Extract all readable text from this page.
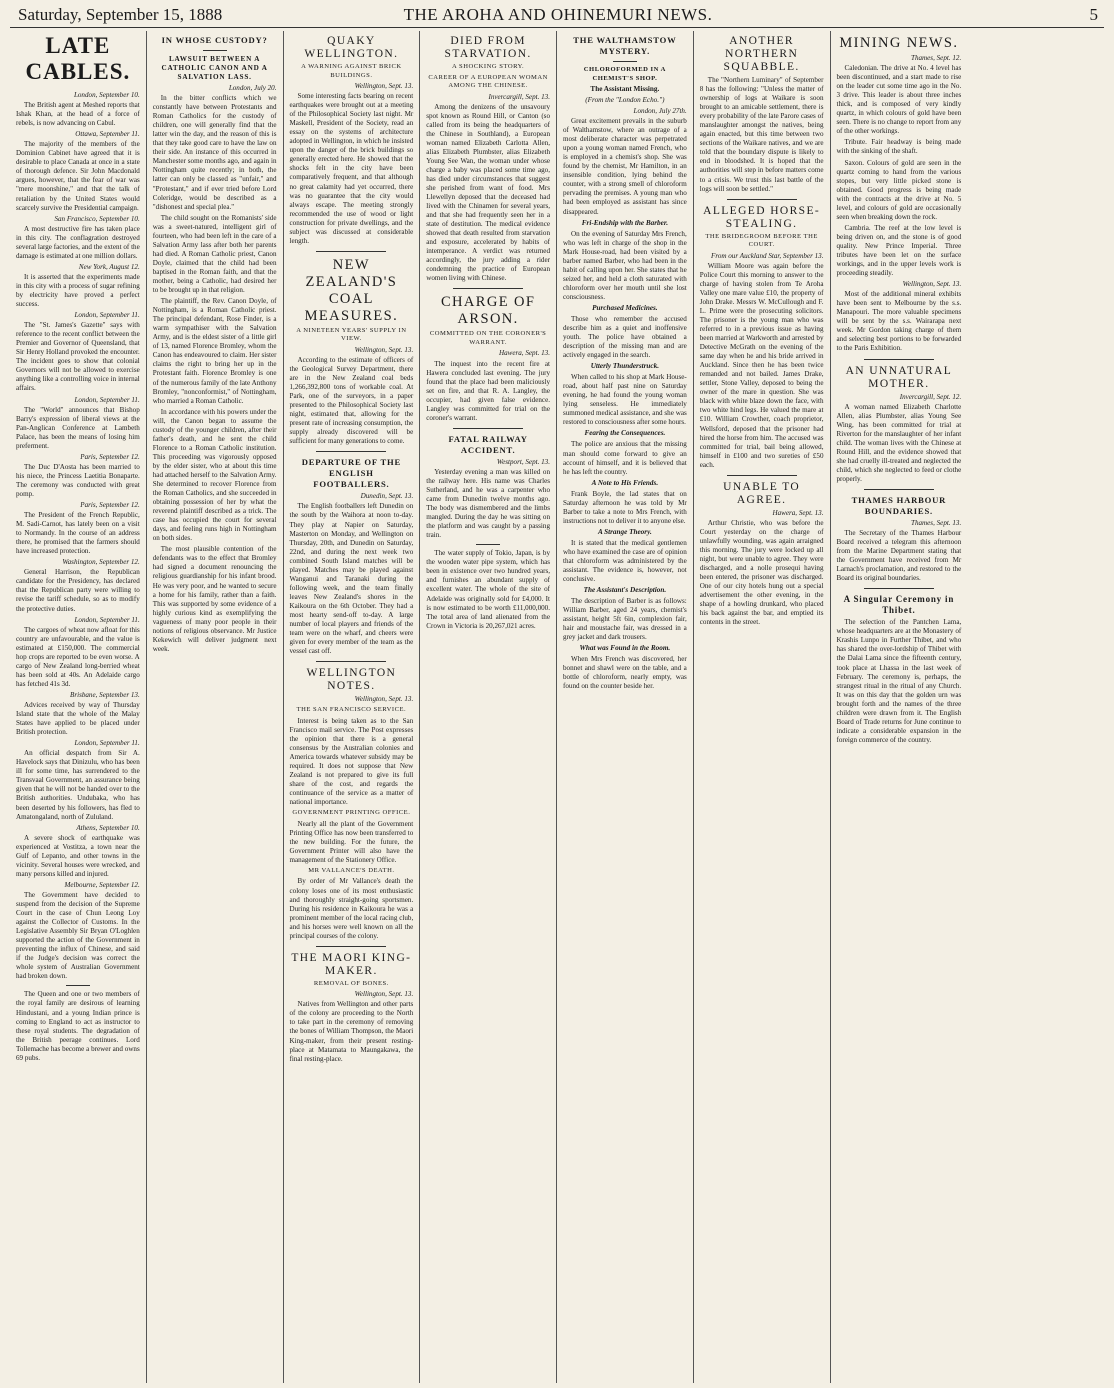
THE AROHA AND OHINEMURI NEWS.
Saturday, September 15, 1888	5
LATE CABLES.
London, September 10.

The British agent at Meshed reports that Ishak Khan, at the head of a force of rebels, is now advancing on Cabul.

Ottawa, September 11.

The majority of the members of the Dominion Cabinet have agreed that it is desirable to place Canada at once in a state of thorough defence. Sir John Macdonald argues, however, that the fear of war was "mere moonshine," and that the talk of retaliation by the United States would scarcely survive the Presidential campaign.

San Francisco, September 10.

A most destructive fire has taken place in this city. The conflagration destroyed several large factories, and the extent of the damage is estimated at one million dollars.

New York, August 12.

It is asserted that the experiments made in this city with a process of sugar refining by electricity have proved a perfect success.

London, September 11.

The "St. James's Gazette" says with reference to the recent conflict between the Premier and Governor of Queensland, that Sir Henry Holland provoked the encounter. The incident goes to show that colonial Governors will not be allowed to exercise anything like a controlling voice in internal affairs.

London, September 11.

The "World" announces that Bishop Barry's expression of liberal views at the Pan-Anglican Conference at Lambeth Palace, has been the means of losing him preferment.

Paris, September 12.

The Duc D'Aosta has been married to his niece, the Princess Laetitia Bonaparte. The ceremony was conducted with great pomp.

Paris, September 12.

The President of the French Republic, M. Sadi-Carnot, has lately been on a visit to Normandy. In the course of an address there, he promised that the farmers should have increased protection.

Washington, September 12.

General Harrison, the Republican candidate for the Presidency, has declared that the Republican party were willing to revise the tariff schedule, so as to modify the protective duties.

London, September 11.

The cargoes of wheat now afloat for this country are unfavourable, and the value is estimated at £150,000. The commercial hop crops are reported to be even worse. A cargo of New Zealand long-berried wheat has been sold at 40s. An Adelaide cargo has fetched 41s 3d.

Brisbane, September 13.

Advices received by way of Thursday Island state that the whole of the Malay States have applied to be placed under British protection.

London, September 11.

An official despatch from Sir A. Havelock says that Dinizulu, who has been ill for some time, has surrendered to the Transvaal Government, an assurance being given that he will not be handed over to the British authorities. Undubaka, who has been deserted by his followers, has fled to Amatongaland, north of Zululand.

Athens, September 10.

A severe shock of earthquake was experienced at Vostitza, a town near the Gulf of Lepanto, and other towns in the vicinity. Several houses were wrecked, and many persons killed and injured.

Melbourne, September 12.

The Government have decided to suspend from the decision of the Supreme Court in the case of Chun Leong Loy against the Collector of Customs. In the Legislative Assembly Sir Bryan O'Loghlen supported the action of the Government in preventing the influx of Chinese, and said if the Judge's decision was correct the whole system of Australian Government had broken down.

The Queen and one or two members of the royal family are desirous of learning Hindustani, and a young Indian prince is coming to England to act as instructor to these royal students. The degradation of the British peerage continues. Lord Tollemache has become a brewer and owns 69 pubs.

IN WHOSE CUSTODY?
LAWSUIT BETWEEN A CATHOLIC CANON AND A SALVATION LASS.
London, July 20.

In the bitter conflicts which we constantly have between Protestants and Roman Catholics for the custody of children, one will generally find that the latter win the day, and the reason of this is that they take good care to have the law on their side. An instance of this occurred in Manchester some months ago, and again in Nottingham quite recently; in both, the latter can only be classed as "unfair," and "Protestant," and if ever tried before Lord Coleridge, would be described as a "dishonest and special plea."

The child sought on the Romanists' side was a sweet-natured, intelligent girl of fourteen, who had been left in the care of a Salvation Army lass after both her parents had died. A Roman Catholic priest, Canon Doyle, claimed that the child had been baptised in the Roman faith, and that the mother, being a Catholic, had desired her to be brought up in that religion.

The plaintiff, the Rev. Canon Doyle, of Nottingham, is a Roman Catholic priest. The principal defendant, Rose Finder, is a warm sympathiser with the Salvation Army, and is the eldest sister of a little girl of 13, named Florence Bromley, whom the Canon has endeavoured to claim. Her sister claims the right to bring her up in the Protestant faith. Florence Bromley is one of the numerous family of the late Anthony Bromley, "nonconformist," of Nottingham, who married a Roman Catholic.

In accordance with his powers under the will, the Canon began to assume the custody of the younger children, after their father's death, and he sent the child Florence to a Roman Catholic institution. This proceeding was vigorously opposed by the elder sister, who at about this time had attached herself to the Salvation Army. She determined to recover Florence from the Roman Catholics, and she succeeded in obtaining possession of her by what the reverend plaintiff described as a trick. The case has occupied the court for several days, and feeling runs high in Nottingham on both sides.

The most plausible contention of the defendants was to the effect that Bromley had signed a document renouncing the religious guardianship for his infant brood. He was very poor, and he wanted to secure a home for his family, rather than a faith. This was supported by some evidence of a highly curious kind as exemplifying the vagueness of many poor people in their notions of religious observance. Mr Justice Kekewich will deliver judgment next week.

QUAKY WELLINGTON.
A WARNING AGAINST BRICK BUILDINGS.
Wellington, Sept. 13.

Some interesting facts bearing on recent earthquakes were brought out at a meeting of the Philosophical Society last night. Mr Maskell, President of the Society, read an essay on the systems of architecture adopted in Wellington, in which he insisted upon the danger of the brick buildings so generally erected here. He showed that the shocks felt in the city have been comparatively frequent, and that although no great calamity had yet occurred, there was no guarantee that the city would always escape. The meeting strongly recommended the use of wood or light construction for private dwellings, and the subject was discussed at considerable length.

NEW ZEALAND'S COAL MEASURES.
A NINETEEN YEARS' SUPPLY IN VIEW.
Wellington, Sept. 13.

According to the estimate of officers of the Geological Survey Department, there are in the New Zealand coal beds 1,266,392,800 tons of workable coal. At Park, one of the surveyors, in a paper presented to the Philosophical Society last night, estimated that, allowing for the present rate of increasing consumption, the supply already discovered will be sufficient for many generations to come.

DEPARTURE OF THE ENGLISH FOOTBALLERS.
Dunedin, Sept. 13.

The English footballers left Dunedin on the south by the Waihora at noon to-day. They play at Napier on Saturday, Masterton on Monday, and Wellington on Thursday, 20th, and Dunedin on Saturday, 22nd, and during the next week two combined South Island matches will be played. Matches may be played against Wanganui and Taranaki during the following week, and the team finally leaves New Zealand's shores in the Kaikoura on the 6th October. They had a most hearty send-off to-day. A large number of local players and friends of the team were on the wharf, and cheers were given for every member of the team as the vessel cast off.

WELLINGTON NOTES.
Wellington, Sept. 13.
THE SAN FRANCISCO SERVICE.

Interest is being taken as to the San Francisco mail service. The Post expresses the opinion that there is a general consensus by the Australian colonies and America towards whatever subsidy may be required. It does not suppose that New Zealand is not prepared to give its full share of the cost, and regards the continuance of the service as a matter of national importance.

GOVERNMENT PRINTING OFFICE.

Nearly all the plant of the Government Printing Office has now been transferred to the new building. For the future, the Government Printer will also have the management of the Stationery Office.

MR VALLANCE'S DEATH.

By order of Mr Vallance's death the colony loses one of its most enthusiastic and thoroughly straight-going sportsmen. During his residence in Kaikoura he was a prominent member of the local racing club, and his horses were well known on all the principal courses of the colony.

THE MAORI KING-MAKER.
REMOVAL OF BONES.
Wellington, Sept. 13.

Natives from Wellington and other parts of the colony are proceeding to the North to take part in the ceremony of removing the bones of William Thompson, the Maori King-maker, from their present resting-place at Matamata to Maungakawa, the final resting-place.

DIED FROM STARVATION.
A SHOCKING STORY.
CAREER OF A EUROPEAN WOMAN AMONG THE CHINESE.
Invercargill, Sept. 13.

Among the denizens of the unsavoury spot known as Round Hill, or Canton (so called from its being the headquarters of the Chinese in Southland), a European woman named Elizabeth Carlotta Allen, alias Elizabeth Plumbster, alias Elizabeth Young See Wan, the woman under whose charge a baby was placed some time ago, has died under circumstances that suggest she perished from want of food. Mrs Llewellyn deposed that the deceased had lived with the Chinamen for several years, and that she had frequently seen her in a state of destitution. The medical evidence showed that death resulted from starvation and exposure, accelerated by habits of intemperance. A verdict was returned accordingly, the jury adding a rider condemning the practice of European women living with Chinese.

CHARGE OF ARSON.
COMMITTED ON THE CORONER'S WARRANT.
Hawera, Sept. 13.

The inquest into the recent fire at Hawera concluded last evening. The jury found that the place had been maliciously set on fire, and that R. A. Langley, the occupier, had given false evidence. Langley was committed for trial on the coroner's warrant.

FATAL RAILWAY ACCIDENT.
Westport, Sept. 13.

Yesterday evening a man was killed on the railway here. His name was Charles Sutherland, and he was a carpenter who came from Dunedin twelve months ago. The body was dismembered and the limbs mangled. During the day he was sitting on the platform and was caught by a passing train.

The water supply of Tokio, Japan, is by the wooden water pipe system, which has been in existence over two hundred years, and furnishes an abundant supply of excellent water. The whole of the site of Adelaide was originally sold for £4,000. It is now estimated to be worth £11,000,000. The total area of land alienated from the Crown in Victoria is 20,267,021 acres.

THE WALTHAMSTOW MYSTERY.
CHLOROFORMED IN A CHEMIST'S SHOP.
The Assistant Missing.
(From the "London Echo.")
London, July 27th.

Great excitement prevails in the suburb of Walthamstow, where an outrage of a most deliberate character was perpetrated upon a young woman named French, who is employed in a chemist's shop. She was found by the chemist, Mr Hamilton, in an insensible condition, lying behind the counter, with a strong smell of chloroform pervading the premises. A young man who had been employed as assistant has since disappeared.

Fri-Endship with the Barber.

On the evening of Saturday Mrs French, who was left in charge of the shop in the Mark House-road, had been visited by a barber named Barber, who had been in the habit of calling upon her. She states that he seized her, and held a cloth saturated with chloroform over her mouth until she lost consciousness.

Purchased Medicines.

Those who remember the accused describe him as a quiet and inoffensive youth. The police have obtained a description of the missing man and are actively engaged in the search.

Utterly Thunderstruck.

When called to his shop at Mark House-road, about half past nine on Saturday evening, he had found the young woman lying senseless. He immediately summoned medical assistance, and she was restored to consciousness after some hours.

Fearing the Consequences.

The police are anxious that the missing man should come forward to give an account of himself, and it is believed that he has left the country.

A Note to His Friends.

Frank Boyle, the lad states that on Saturday afternoon he was told by Mr Barber to take a note to Mrs French, with instructions not to deliver it to anyone else.

A Strange Theory.

It is stated that the medical gentlemen who have examined the case are of opinion that chloroform was administered by the assistant. The evidence is, however, not conclusive.

The Assistant's Description.

The description of Barber is as follows: William Barber, aged 24 years, chemist's assistant, height 5ft 6in, complexion fair, hair and moustache fair, was dressed in a grey jacket and dark trousers.

What was Found in the Room.

When Mrs French was discovered, her bonnet and shawl were on the table, and a bottle of chloroform, nearly empty, was found on the counter beside her.

ANOTHER NORTHERN SQUABBLE.

The "Northern Luminary" of September 8 has the following: "Unless the matter of ownership of logs at Waikare is soon brought to an amicable settlement, there is every probability of the late Parore cases of manslaughter amongst the natives, being again enacted, but this time between two sections of the Waikare natives, and we are told that the boundary dispute is likely to end in bloodshed. It is hoped that the authorities will step in before matters come to a crisis. We trust this last battle of the logs will soon be settled."

ALLEGED HORSE-STEALING.
THE BRIDEGROOM BEFORE THE COURT.
From our Auckland Star, September 13.

William Moore was again before the Police Court this morning to answer to the charge of having stolen from Te Aroha Valley one mare value £10, the property of John Drake. Messrs W. McCullough and F. L. Prime were the prosecuting solicitors. The prisoner is the young man who was referred to in a previous issue as having been married at Warkworth and arrested by Detective McGrath on the evening of the same day when he and his bride arrived in Auckland. Since then he has been twice remanded and not bailed. James Drake, settler, Stone Valley, deposed to being the owner of the mare in question. She was black with white blaze down the face, with two white hind legs. He valued the mare at £10. William Crowther, coach proprietor, Wellsford, deposed that the prisoner had hired the horse from him. The accused was committed for trial, bail being allowed, himself in £100 and two sureties of £50 each.

UNABLE TO AGREE.
Hawera, Sept. 13.

Arthur Christie, who was before the Court yesterday on the charge of unlawfully wounding, was again arraigned this morning. The jury were locked up all night, but were unable to agree. They were discharged, and a nolle prosequi having been entered, the prisoner was discharged. One of our city hotels hung out a special advertisement the other evening, in the shape of a howling drunkard, who placed his back against the bar, and emptied its contents in the street.

MINING NEWS.
Thames, Sept. 12.

Caledonian. The drive at No. 4 level has been discontinued, and a start made to rise on the leader cut some time ago in the No. 3 drive. This leader is about three inches thick, and is composed of very kindly quartz, in which colours of gold have been seen. There is no change to report from any of the other workings.

Tribute. Fair headway is being made with the sinking of the shaft.

Saxon. Colours of gold are seen in the quartz coming to hand from the various stopes, but very little picked stone is obtained. Good progress is being made with the contracts at the drive at No. 5 level, and colours of gold are occasionally seen when breaking down the rock.

Cambria. The reef at the low level is being driven on, and the stone is of good quality. New Prince Imperial. Three tributes have been let on the surface workings, and in the upper levels work is proceeding steadily.

Wellington, Sept. 13.

Most of the additional mineral exhibits have been sent to Melbourne by the s.s. Manapouri. The more valuable specimens will be sent by the s.s. Wairarapa next week. Mr Gordon taking charge of them and selecting best portions to be forwarded to the Paris Exhibition.

AN UNNATURAL MOTHER.
Invercargill, Sept. 12.

A woman named Elizabeth Charlotte Allen, alias Plumbster, alias Young See Wing, has been committed for trial at Riverton for the manslaughter of her infant child. The woman lives with the Chinese at Round Hill, and the evidence showed that she had cruelly ill-treated and neglected the child, which she neglected to feed or clothe properly.

THAMES HARBOUR BOUNDARIES.
Thames, Sept. 13.

The Secretary of the Thames Harbour Board received a telegram this afternoon from the Marine Department stating that the Government have received from Mr Larnach's proclamation, and restored to the Board its original boundaries.

A Singular Ceremony in Thibet.

The selection of the Pantchen Lama, whose headquarters are at the Monastery of Krashis Lunpo in Further Thibet, and who has shared the over-lordship of Thibet with the Dalai Lama since the fifteenth century, took place at Lhassa in the last week of February. The ceremony is, perhaps, the strangest ritual in the ritual of any Church. It was on this day that the golden urn was brought forth and the names of the three children were drawn from it. The English Board of Trade returns for June continue to indicate a considerable expansion in the foreign commerce of the country.
